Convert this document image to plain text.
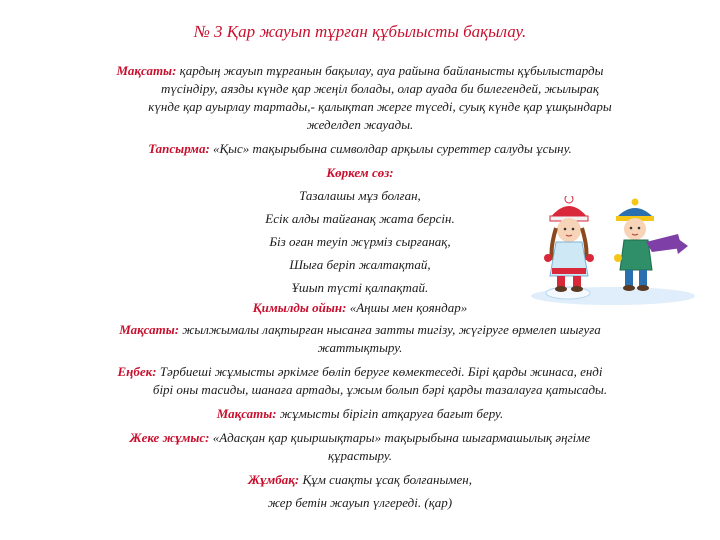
№ 3 Қар жауып тұрған құбылысты бақылау.
Мақсаты: қардың жауып тұрғанын бақылау, ауа райына байланысты құбылыстарды
түсіндіру, аязды күнде қар жеңіл болады, олар ауада би билегендей, жылырақ
күнде қар ауырлау тартады,- қалықтап жерге түседі, суық күнде қар ұшқындары
жеделдеп жауады.
Тапсырма: «Қыс» тақырыбына символдар арқылы суреттер салуды ұсыну.
Көркем сөз:
Тазалашы мұз болған,
Есік алды тайғанақ жата берсін.
Біз оған теуіп жүрміз сырғанақ,
Шыға беріп жалтақтай,
Ұшып түсті қалпақтай.
Қимылды ойын: «Аңшы мен қояндар»
Мақсаты: жылжымалы лақтырған нысанға затты тигізу, жүгіруге өрмелеп шығуға
жаттықтыру.
Еңбек: Тәрбиеші жұмысты әркімге бөліп беруге көмектеседі. Бірі қарды жинаса, енді
бірі оны тасиды, шанаға артады, ұжым болып бәрі қарды тазалауға қатысады.
Мақсаты: жұмысты бірігіп атқаруға бағыт беру.
Жеке жұмыс: «Адасқан қар қиыршықтары» тақырыбына шығармашылық әңгіме
құрастыру.
Жұмбақ: Құм сиақты ұсақ болғанымен,
жер бетін жауып үлгереді. (қар)
